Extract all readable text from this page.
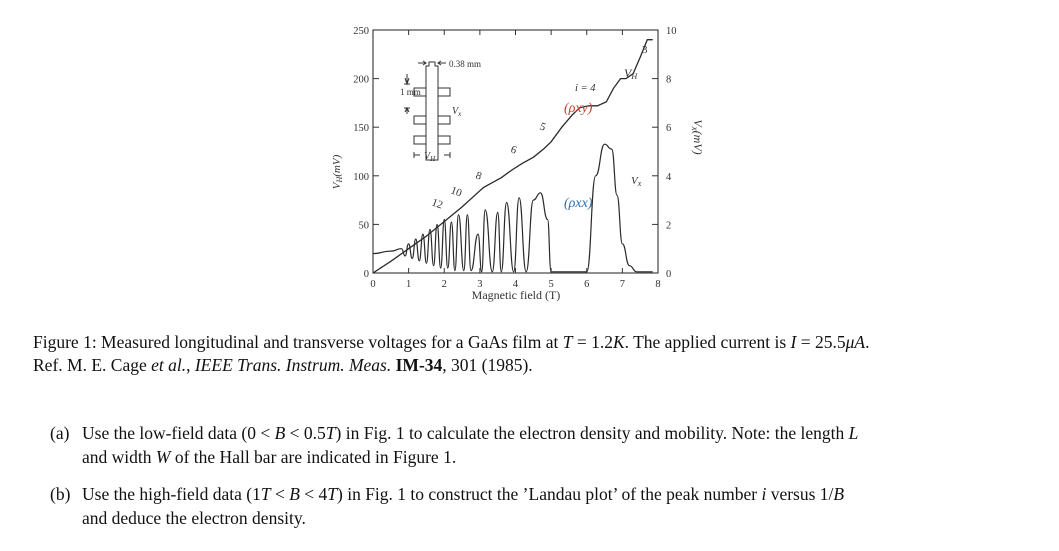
0	1	2	3	4	5	6	7	8
0
50
100
150
200
250
0
2
4
6
8
10
VH(mV)
Vx(mV)
Magnetic field (T)
i = 4
(ρxy)
(ρxx)
VH
Vx
3
5
6
8
10
12
0.38 mm
1 mm
$V_x$
$V_H$
Figure 1: Measured longitudinal and transverse voltages for a GaAs film at T = 1.2K. The applied current is I = 25.5μA.
Ref. M. E. Cage et al., IEEE Trans. Instrum. Meas. IM-34, 301 (1985).
(a) Use the low-field data (0 < B < 0.5T) in Fig. 1 to calculate the electron density and mobility. Note: the length L
and width W of the Hall bar are indicated in Figure 1.
(b) Use the high-field data (1T < B < 4T) in Fig. 1 to construct the ’Landau plot’ of the peak number i versus 1/B
and deduce the electron density.
